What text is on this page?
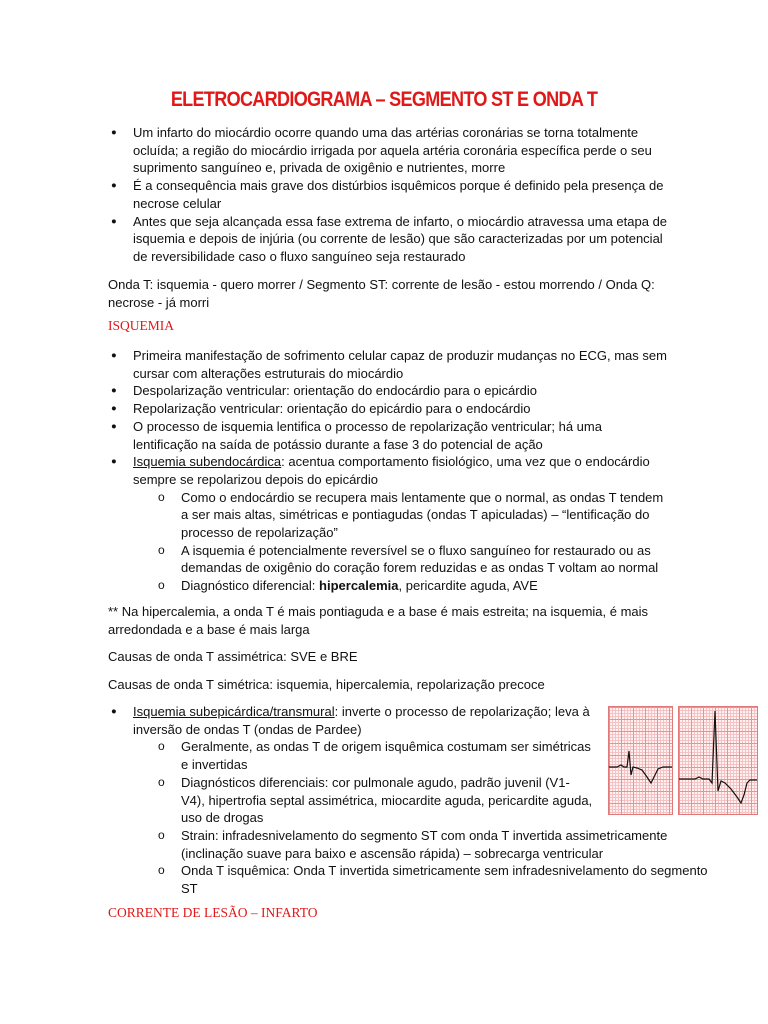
ELETROCARDIOGRAMA – SEGMENTO ST E ONDA T
● Um infarto do miocárdio ocorre quando uma das artérias coronárias se torna totalmente ocluída; a região do miocárdio irrigada por aquela artéria coronária específica perde o seu suprimento sanguíneo e, privada de oxigênio e nutrientes, morre
● É a consequência mais grave dos distúrbios isquêmicos porque é definido pela presença de necrose celular
● Antes que seja alcançada essa fase extrema de infarto, o miocárdio atravessa uma etapa de isquemia e depois de injúria (ou corrente de lesão) que são caracterizadas por um potencial de reversibilidade caso o fluxo sanguíneo seja restaurado
Onda T: isquemia - quero morrer / Segmento ST: corrente de lesão - estou morrendo / Onda Q: necrose - já morri
ISQUEMIA
● Primeira manifestação de sofrimento celular capaz de produzir mudanças no ECG, mas sem cursar com alterações estruturais do miocárdio
● Despolarização ventricular: orientação do endocárdio para o epicárdio
● Repolarização ventricular: orientação do epicárdio para o endocárdio
● O processo de isquemia lentifica o processo de repolarização ventricular; há uma lentificação na saída de potássio durante a fase 3 do potencial de ação
● Isquemia subendocárdica: acentua comportamento fisiológico, uma vez que o endocárdio sempre se repolarizou depois do epicárdio
o Como o endocárdio se recupera mais lentamente que o normal, as ondas T tendem a ser mais altas, simétricas e pontiagudas (ondas T apiculadas) – “lentificação do processo de repolarização”
o A isquemia é potencialmente reversível se o fluxo sanguíneo for restaurado ou as demandas de oxigênio do coração forem reduzidas e as ondas T voltam ao normal
o Diagnóstico diferencial: hipercalemia, pericardite aguda, AVE
** Na hipercalemia, a onda T é mais pontiaguda e a base é mais estreita; na isquemia, é mais arredondada e a base é mais larga
Causas de onda T assimétrica: SVE e BRE
Causas de onda T simétrica: isquemia, hipercalemia, repolarização precoce
● Isquemia subepicárdica/transmural: inverte o processo de repolarização; leva à inversão de ondas T (ondas de Pardee)
o Geralmente, as ondas T de origem isquêmica costumam ser simétricas e invertidas
o Diagnósticos diferenciais: cor pulmonale agudo, padrão juvenil (V1-V4), hipertrofia septal assimétrica, miocardite aguda, pericardite aguda, uso de drogas
o Strain: infradesnivelamento do segmento ST com onda T invertida assimetricamente (inclinação suave para baixo e ascensão rápida) – sobrecarga ventricular
o Onda T isquêmica: Onda T invertida simetricamente sem infradesnivelamento do segmento ST
CORRENTE DE LESÃO – INFARTO
